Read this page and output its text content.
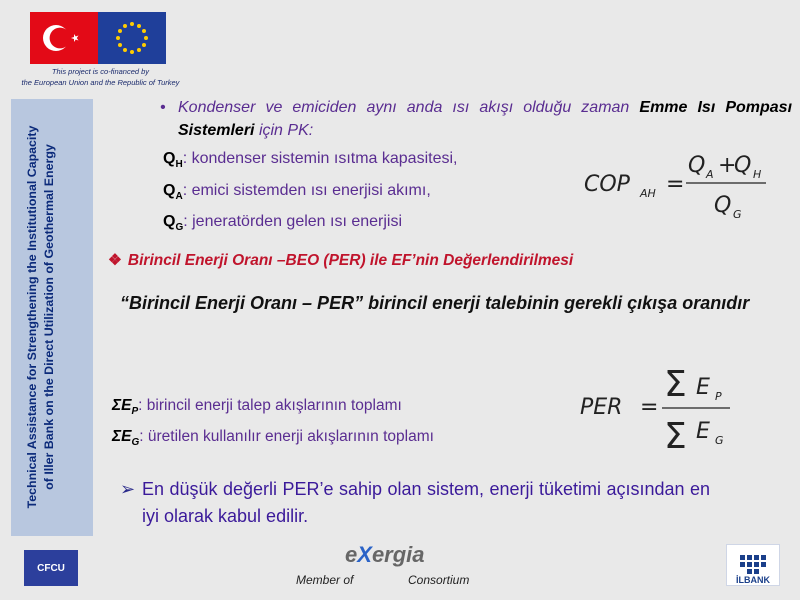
This project is co-financed by
the European Union and the Republic of Turkey
Technical Assistance for Strengthening the Institutional Capacity of Iller Bank on the Direct Utilization of Geothermal Energy
• Kondenser ve emiciden aynı anda ısı akışı olduğu zaman Emme Isı Pompası Sistemleri için PK:
$Q_H$: kondenser sistemin ısıtma kapasitesi,
$Q_A$: emici sistemden ısı enerjisi akımı,
$Q_G$: jeneratörden gelen ısı enerjisi
COP AH =
Q A +
Q H
Q G
❖ Birincil Enerji Oranı –BEO (PER) ile EF’nin Değerlendirilmesi
“Birincil Enerji Oranı – PER” birincil enerji talebinin gerekli çıkışa oranıdır
$\Sigma E_P$: birincil enerji talep akışlarının toplamı
$\Sigma E_G$: üretilen kullanılır enerji akışlarının toplamı
PER =
Σ E P
Σ E G
➢ En düşük değerli PER’e sahip olan sistem, enerji tüketimi açısından en iyi olarak kabul edilir.
CFCU
eXergia
Member of	Consortium	İLBANK
